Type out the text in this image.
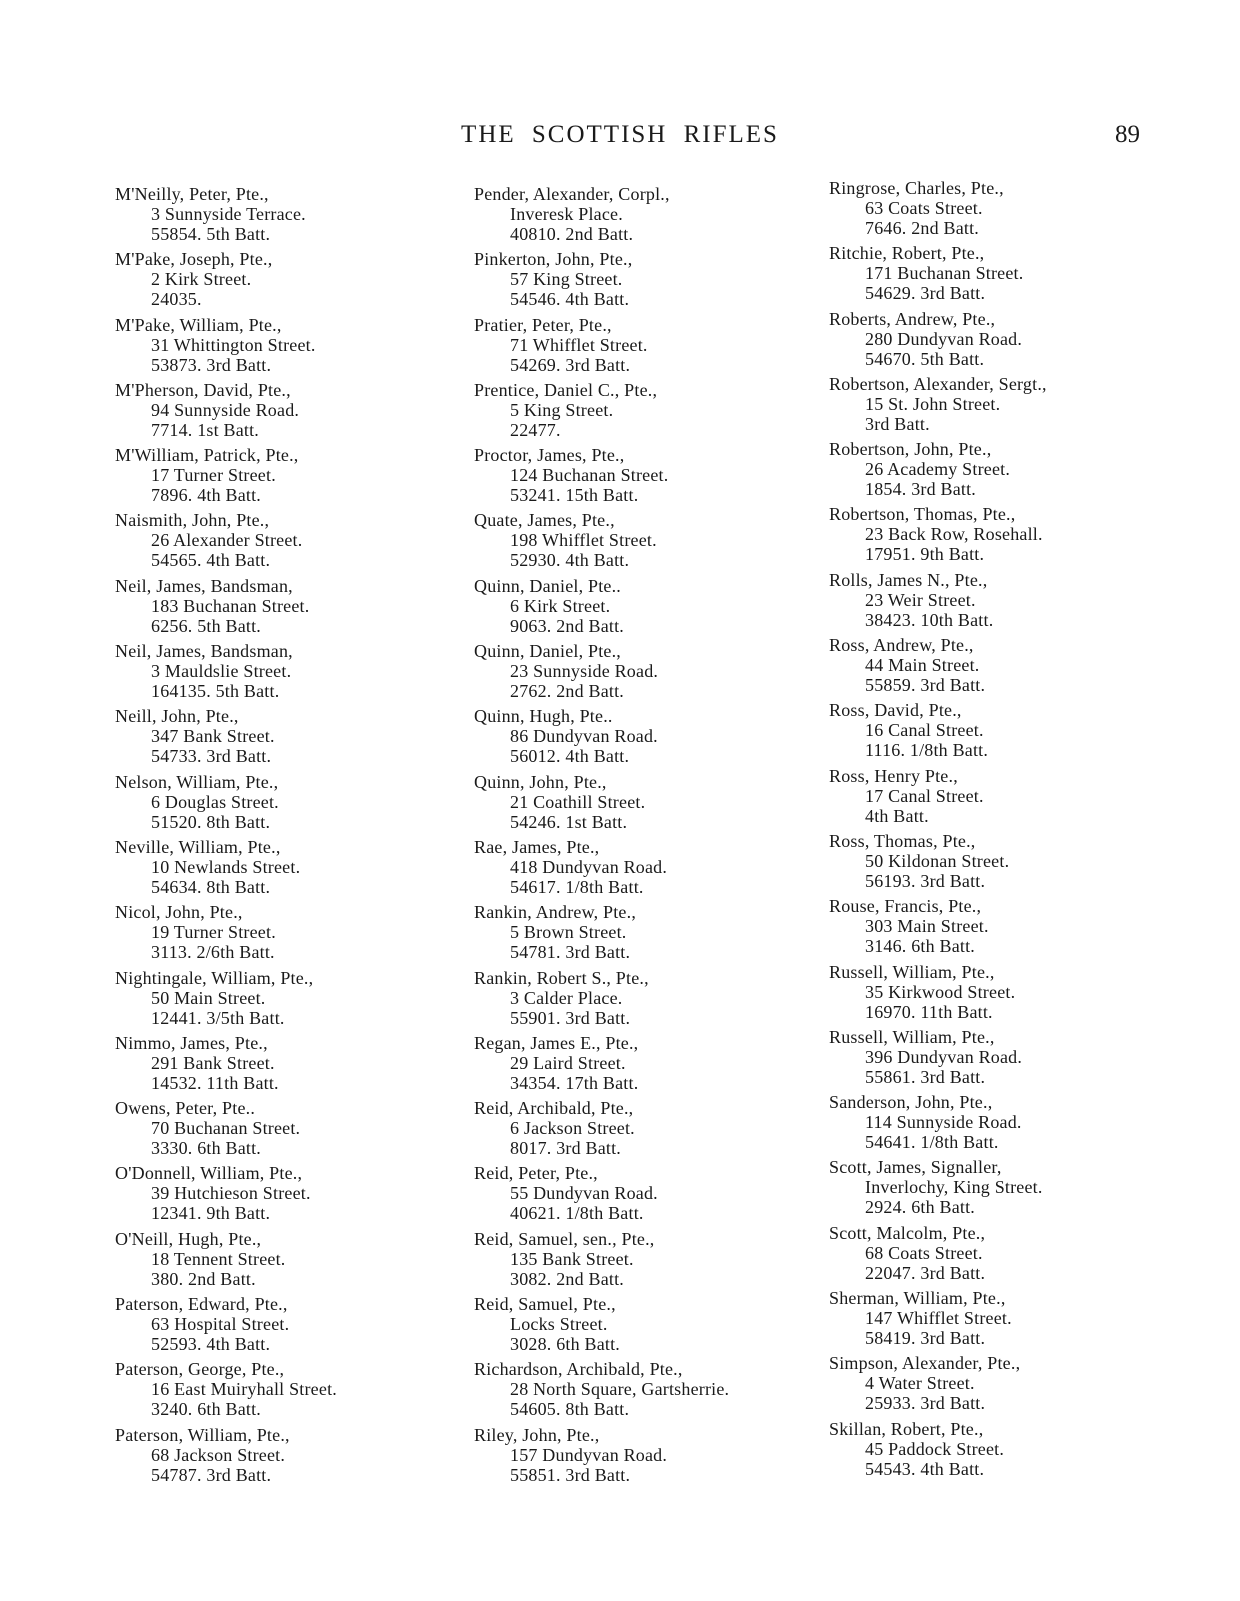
THE SCOTTISH RIFLES	89
M'Neilly, Peter, Pte.,
3 Sunnyside Terrace.
55854. 5th Batt.
M'Pake, Joseph, Pte.,
2 Kirk Street.
24035.
M'Pake, William, Pte.,
31 Whittington Street.
53873. 3rd Batt.
M'Pherson, David, Pte.,
94 Sunnyside Road.
7714. 1st Batt.
M'William, Patrick, Pte.,
17 Turner Street.
7896. 4th Batt.
Naismith, John, Pte.,
26 Alexander Street.
54565. 4th Batt.
Neil, James, Bandsman,
183 Buchanan Street.
6256. 5th Batt.
Neil, James, Bandsman,
3 Mauldslie Street.
164135. 5th Batt.
Neill, John, Pte.,
347 Bank Street.
54733. 3rd Batt.
Nelson, William, Pte.,
6 Douglas Street.
51520. 8th Batt.
Neville, William, Pte.,
10 Newlands Street.
54634. 8th Batt.
Nicol, John, Pte.,
19 Turner Street.
3113. 2/6th Batt.
Nightingale, William, Pte.,
50 Main Street.
12441. 3/5th Batt.
Nimmo, James, Pte.,
291 Bank Street.
14532. 11th Batt.
Owens, Peter, Pte..
70 Buchanan Street.
3330. 6th Batt.
O'Donnell, William, Pte.,
39 Hutchieson Street.
12341. 9th Batt.
O'Neill, Hugh, Pte.,
18 Tennent Street.
380. 2nd Batt.
Paterson, Edward, Pte.,
63 Hospital Street.
52593. 4th Batt.
Paterson, George, Pte.,
16 East Muiryhall Street.
3240. 6th Batt.
Paterson, William, Pte.,
68 Jackson Street.
54787. 3rd Batt.
Pender, Alexander, Corpl.,
Inveresk Place.
40810. 2nd Batt.
Pinkerton, John, Pte.,
57 King Street.
54546. 4th Batt.
Pratier, Peter, Pte.,
71 Whifflet Street.
54269. 3rd Batt.
Prentice, Daniel C., Pte.,
5 King Street.
22477.
Proctor, James, Pte.,
124 Buchanan Street.
53241. 15th Batt.
Quate, James, Pte.,
198 Whifflet Street.
52930. 4th Batt.
Quinn, Daniel, Pte..
6 Kirk Street.
9063. 2nd Batt.
Quinn, Daniel, Pte.,
23 Sunnyside Road.
2762. 2nd Batt.
Quinn, Hugh, Pte..
86 Dundyvan Road.
56012. 4th Batt.
Quinn, John, Pte.,
21 Coathill Street.
54246. 1st Batt.
Rae, James, Pte.,
418 Dundyvan Road.
54617. 1/8th Batt.
Rankin, Andrew, Pte.,
5 Brown Street.
54781. 3rd Batt.
Rankin, Robert S., Pte.,
3 Calder Place.
55901. 3rd Batt.
Regan, James E., Pte.,
29 Laird Street.
34354. 17th Batt.
Reid, Archibald, Pte.,
6 Jackson Street.
8017. 3rd Batt.
Reid, Peter, Pte.,
55 Dundyvan Road.
40621. 1/8th Batt.
Reid, Samuel, sen., Pte.,
135 Bank Street.
3082. 2nd Batt.
Reid, Samuel, Pte.,
Locks Street.
3028. 6th Batt.
Richardson, Archibald, Pte.,
28 North Square, Gartsherrie.
54605. 8th Batt.
Riley, John, Pte.,
157 Dundyvan Road.
55851. 3rd Batt.
Ringrose, Charles, Pte.,
63 Coats Street.
7646. 2nd Batt.
Ritchie, Robert, Pte.,
171 Buchanan Street.
54629. 3rd Batt.
Roberts, Andrew, Pte.,
280 Dundyvan Road.
54670. 5th Batt.
Robertson, Alexander, Sergt.,
15 St. John Street.
3rd Batt.
Robertson, John, Pte.,
26 Academy Street.
1854. 3rd Batt.
Robertson, Thomas, Pte.,
23 Back Row, Rosehall.
17951. 9th Batt.
Rolls, James N., Pte.,
23 Weir Street.
38423. 10th Batt.
Ross, Andrew, Pte.,
44 Main Street.
55859. 3rd Batt.
Ross, David, Pte.,
16 Canal Street.
1116. 1/8th Batt.
Ross, Henry Pte.,
17 Canal Street.
4th Batt.
Ross, Thomas, Pte.,
50 Kildonan Street.
56193. 3rd Batt.
Rouse, Francis, Pte.,
303 Main Street.
3146. 6th Batt.
Russell, William, Pte.,
35 Kirkwood Street.
16970. 11th Batt.
Russell, William, Pte.,
396 Dundyvan Road.
55861. 3rd Batt.
Sanderson, John, Pte.,
114 Sunnyside Road.
54641. 1/8th Batt.
Scott, James, Signaller,
Inverlochy, King Street.
2924. 6th Batt.
Scott, Malcolm, Pte.,
68 Coats Street.
22047. 3rd Batt.
Sherman, William, Pte.,
147 Whifflet Street.
58419. 3rd Batt.
Simpson, Alexander, Pte.,
4 Water Street.
25933. 3rd Batt.
Skillan, Robert, Pte.,
45 Paddock Street.
54543. 4th Batt.
